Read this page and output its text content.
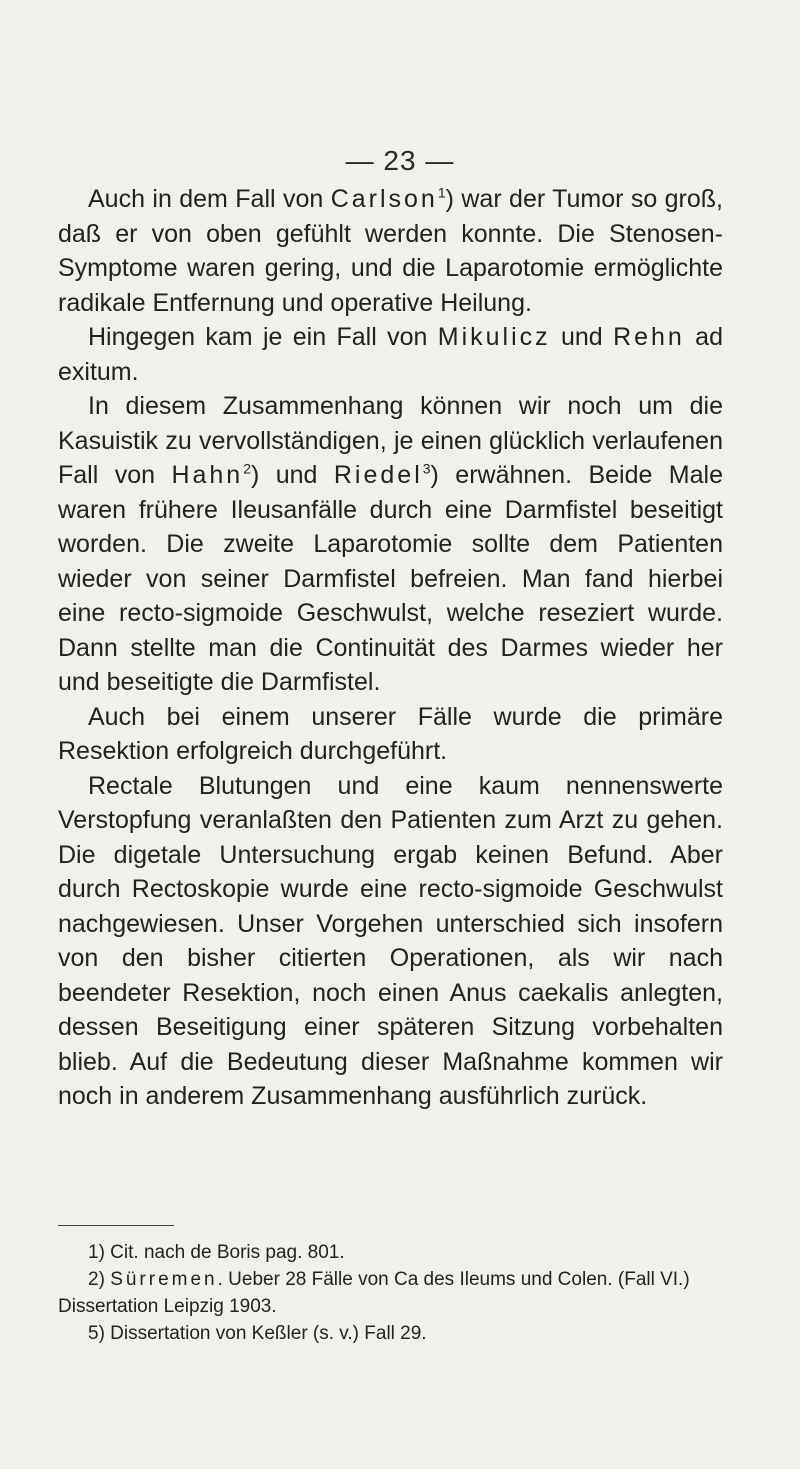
— 23 —

Auch in dem Fall von Carlson$^1$) war der Tumor so groß, daß er von oben gefühlt werden konnte. Die Stenosen-Symptome waren gering, und die Laparotomie ermöglichte radikale Entfernung und operative Heilung.

Hingegen kam je ein Fall von Mikulicz und Rehn ad exitum.

In diesem Zusammenhang können wir noch um die Kasuistik zu vervollständigen, je einen glücklich verlaufenen Fall von Hahn$^2$) und Riedel$^3$) erwähnen. Beide Male waren frühere Ileusanfälle durch eine Darmfistel beseitigt worden. Die zweite Laparotomie sollte dem Patienten wieder von seiner Darmfistel befreien. Man fand hierbei eine recto-sigmoide Geschwulst, welche reseziert wurde. Dann stellte man die Continuität des Darmes wieder her und beseitigte die Darmfistel.

Auch bei einem unserer Fälle wurde die primäre Resektion erfolgreich durchgeführt.

Rectale Blutungen und eine kaum nennenswerte Verstopfung veranlaßten den Patienten zum Arzt zu gehen. Die digetale Untersuchung ergab keinen Befund. Aber durch Rectoskopie wurde eine recto-sigmoide Geschwulst nachgewiesen. Unser Vorgehen unterschied sich insofern von den bisher citierten Operationen, als wir nach beendeter Resektion, noch einen Anus caekalis anlegten, dessen Beseitigung einer späteren Sitzung vorbehalten blieb. Auf die Bedeutung dieser Maßnahme kommen wir noch in anderem Zusammenhang ausführlich zurück.

1) Cit. nach de Boris pag. 801.

2) Sürremen. Ueber 28 Fälle von Ca des Ileums und Colen. (Fall VI.) Dissertation Leipzig 1903.

5) Dissertation von Keßler (s. v.) Fall 29.
